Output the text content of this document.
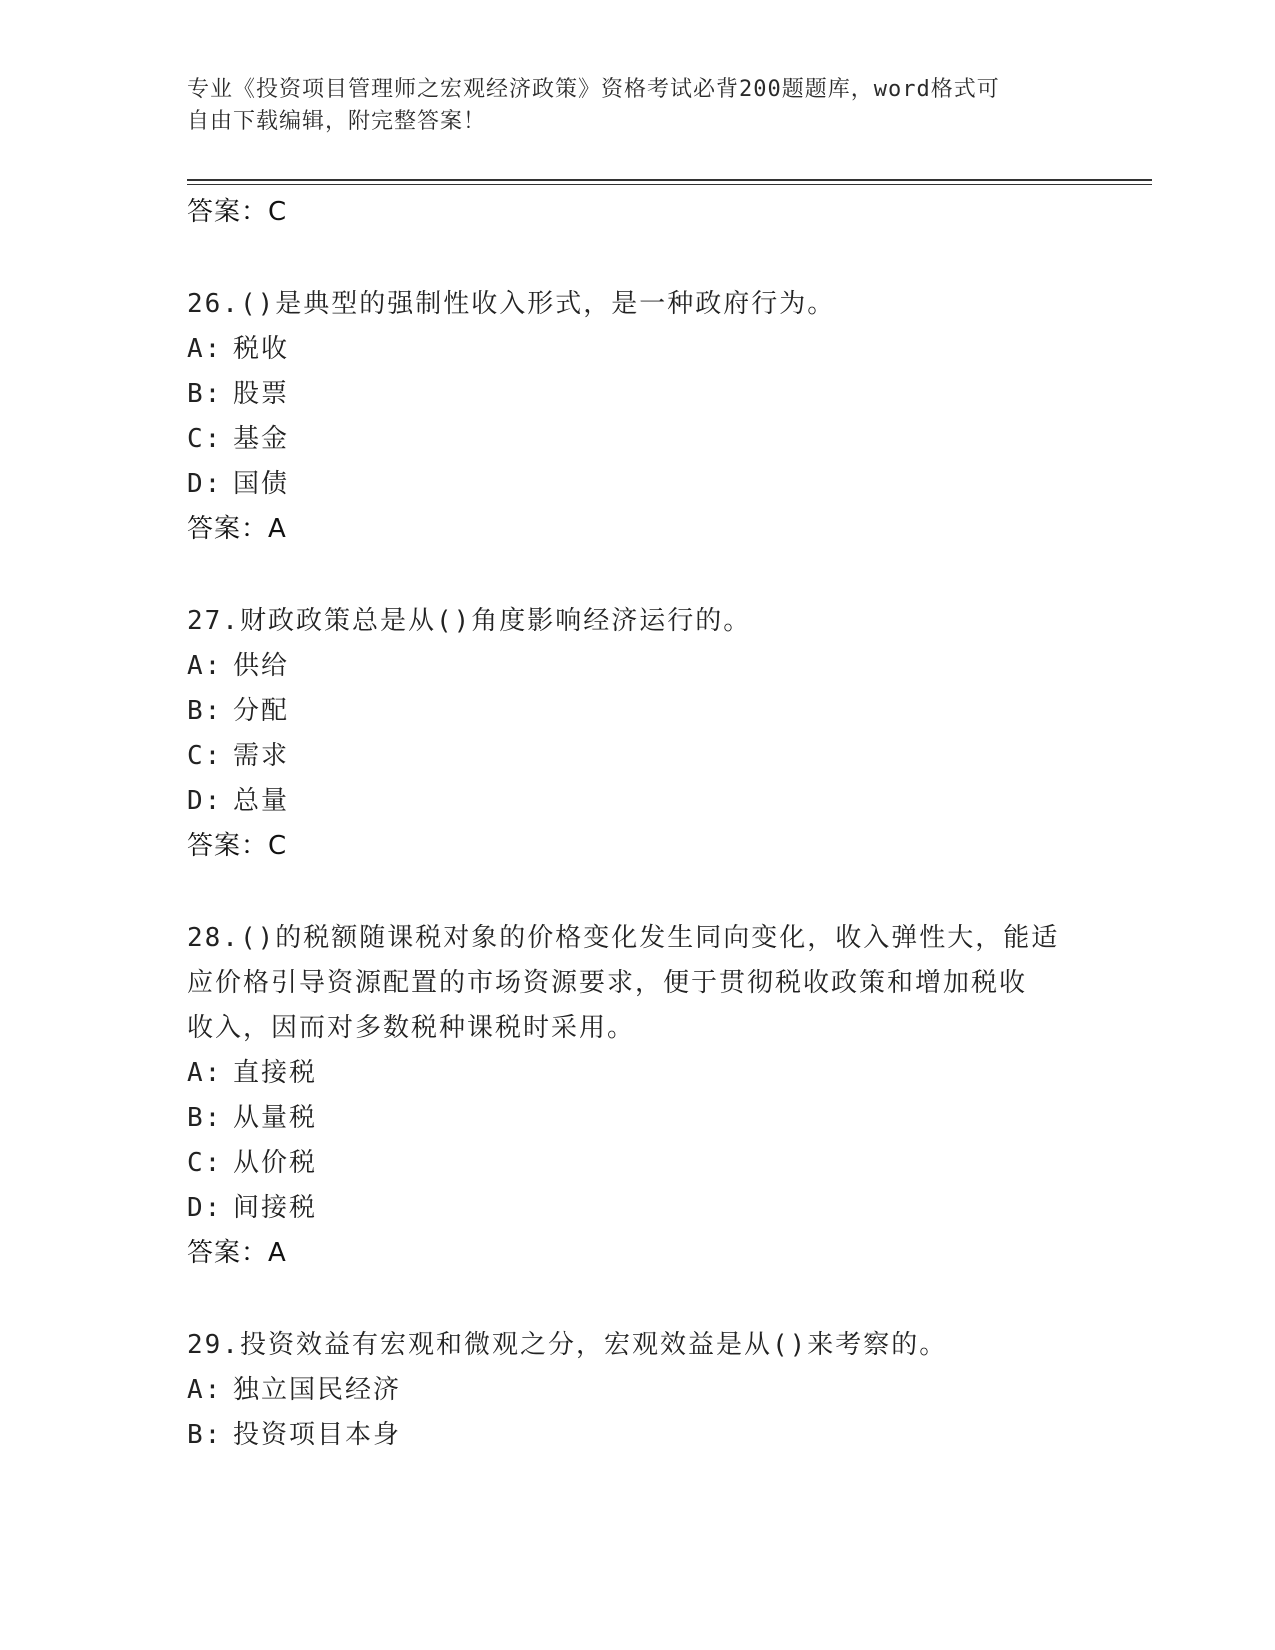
专业《投资项目管理师之宏观经济政策》资格考试必背200题题库，word格式可
自由下载编辑，附完整答案！
答案：C
26.()是典型的强制性收入形式，是一种政府行为。
A: 税收
B: 股票
C: 基金
D: 国债
答案：A
27.财政政策总是从()角度影响经济运行的。
A: 供给
B: 分配
C: 需求
D: 总量
答案：C
28.()的税额随课税对象的价格变化发生同向变化，收入弹性大，能适
应价格引导资源配置的市场资源要求，便于贯彻税收政策和增加税收
收入，因而对多数税种课税时采用。
A: 直接税
B: 从量税
C: 从价税
D: 间接税
答案：A
29.投资效益有宏观和微观之分，宏观效益是从()来考察的。
A: 独立国民经济
B: 投资项目本身
